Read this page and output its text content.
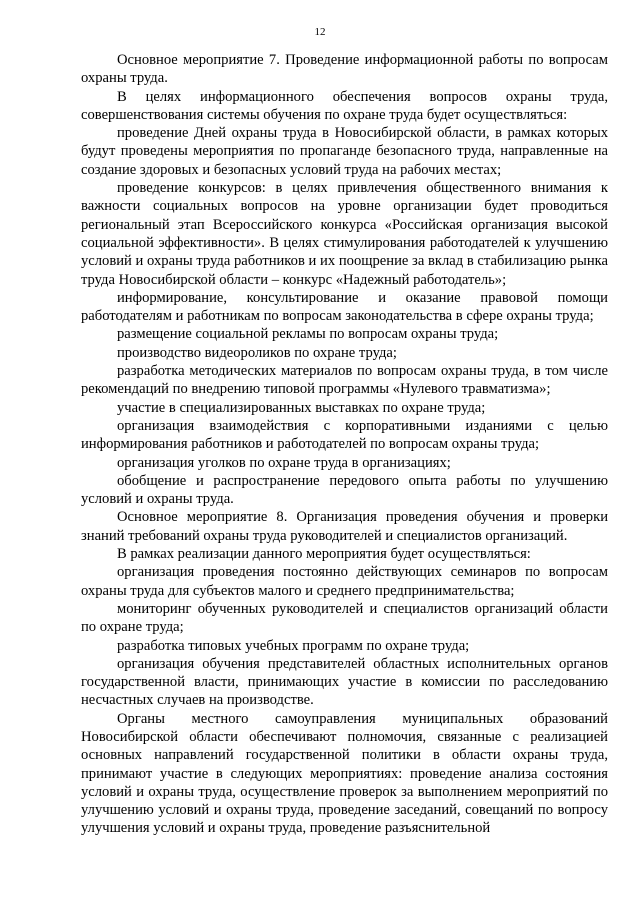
12

Основное мероприятие 7. Проведение информационной работы по вопросам охраны труда.

В целях информационного обеспечения вопросов охраны труда, совершенствования системы обучения по охране труда будет осуществляться:

проведение Дней охраны труда в Новосибирской области, в рамках которых будут проведены мероприятия по пропаганде безопасного труда, направленные на создание здоровых и безопасных условий труда на рабочих местах;

проведение конкурсов: в целях привлечения общественного внимания к важности социальных вопросов на уровне организации будет проводиться региональный этап Всероссийского конкурса «Российская организация высокой социальной эффективности». В целях стимулирования работодателей к улучшению условий и охраны труда работников и их поощрение за вклад в стабилизацию рынка труда Новосибирской области – конкурс «Надежный работодатель»;

информирование, консультирование и оказание правовой помощи работодателям и работникам по вопросам законодательства в сфере охраны труда;

размещение социальной рекламы по вопросам охраны труда;

производство видеороликов по охране труда;

разработка методических материалов по вопросам охраны труда, в том числе рекомендаций по внедрению типовой программы «Нулевого травматизма»;

участие в специализированных выставках по охране труда;

организация взаимодействия с корпоративными изданиями с целью информирования работников и работодателей по вопросам охраны труда;

организация уголков по охране труда в организациях;

обобщение и распространение передового опыта работы по улучшению условий и охраны труда.

Основное мероприятие 8. Организация проведения обучения и проверки знаний требований охраны труда руководителей и специалистов организаций.

В рамках реализации данного мероприятия будет осуществляться:

организация проведения постоянно действующих семинаров по вопросам охраны труда для субъектов малого и среднего предпринимательства;

мониторинг обученных руководителей и специалистов организаций области по охране труда;

разработка типовых учебных программ по охране труда;

организация обучения представителей областных исполнительных органов государственной власти, принимающих участие в комиссии по расследованию несчастных случаев на производстве.

Органы местного самоуправления муниципальных образований Новосибирской области обеспечивают полномочия, связанные с реализацией основных направлений государственной политики в области охраны труда, принимают участие в следующих мероприятиях: проведение анализа состояния условий и охраны труда, осуществление проверок за выполнением мероприятий по улучшению условий и охраны труда, проведение заседаний, совещаний по вопросу улучшения условий и охраны труда, проведение разъяснительной
